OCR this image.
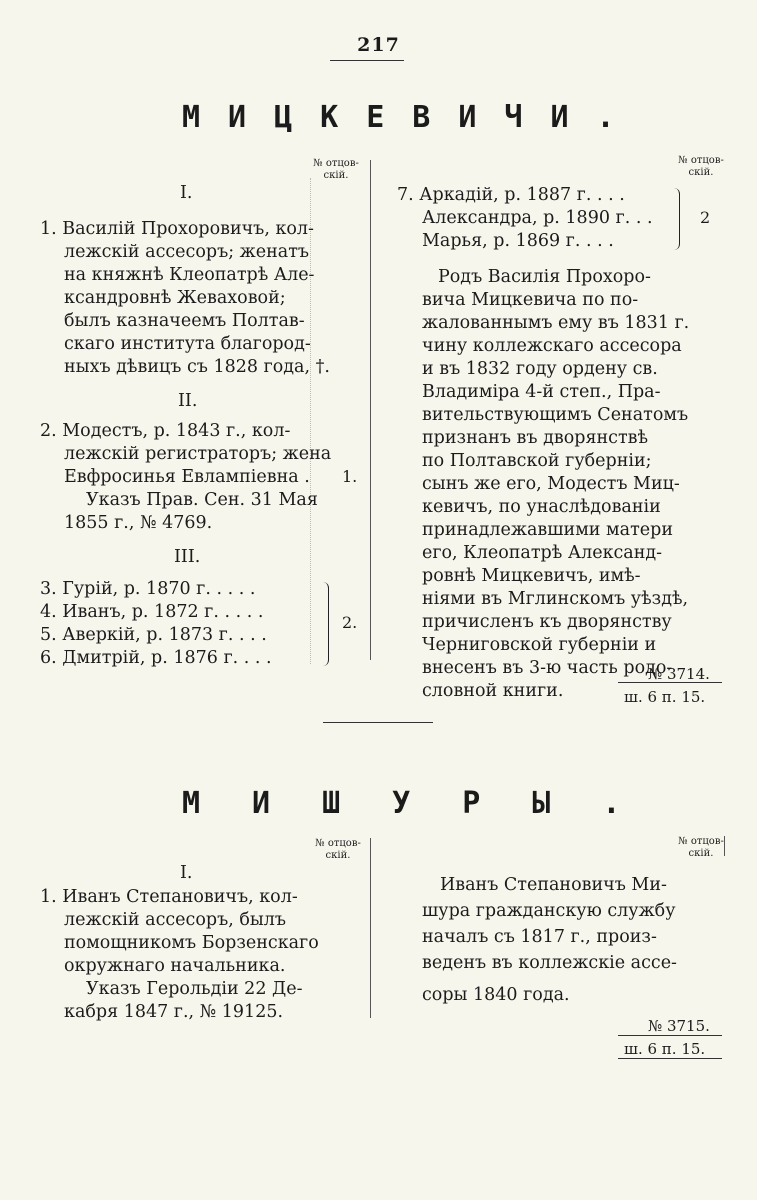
217
МИЦКЕВИЧИ.
№ отцов-
скій.
№ отцов-
скій.
I.
1. Василій Прохоровичъ, кол-
лежскій ассесоръ; женатъ
на княжнѣ Клеопатрѣ Але-
ксандровнѣ Жеваховой;
былъ казначеемъ Полтав-
скаго института благород-
ныхъ дѣвицъ съ 1828 года, †.
II.
2. Модестъ, р. 1843 г., кол-
лежскій регистраторъ; жена
Евфросинья Евлампіевна .
Указъ Прав. Сен. 31 Мая
1855 г., № 4769.
1.
III.
3. Гурій, р. 1870 г. . . . .
4. Иванъ, р. 1872 г. . . . .
5. Аверкій, р. 1873 г. . . .
6. Дмитрій, р. 1876 г. . . .
2.
7. Аркадій, р. 1887 г. . . .
Александра, р. 1890 г. . .
Марья, р. 1869 г. . . .
2
Родъ Василія Прохоро-
вича Мицкевича по по-
жалованнымъ ему въ 1831 г.
чину коллежскаго ассесора
и въ 1832 году ордену св.
Владиміра 4-й степ., Пра-
вительствующимъ Сенатомъ
признанъ въ дворянствѣ
по Полтавской губерніи;
сынъ же его, Модестъ Миц-
кевичъ, по унаслѣдованіи
принадлежавшими матери
его, Клеопатрѣ Александ-
ровнѣ Мицкевичъ, имѣ-
ніями въ Мглинскомъ уѣздѣ,
причисленъ къ дворянству
Черниговской губерніи и
внесенъ въ 3-ю часть родо-
словной книги.
№ 3714.
ш. 6 п. 15.
МИШУРЫ.
№ отцов-
скій.
№ отцов-
скій.
I.
1. Иванъ Степановичъ, кол-
лежскій ассесоръ, былъ
помощникомъ Борзенскаго
окружнаго начальника.
Указъ Герольдіи 22 Де-
кабря 1847 г., № 19125.
Иванъ Степановичъ Ми-
шура гражданскую службу
началъ съ 1817 г., произ-
веденъ въ коллежскіе ассе-
соры 1840 года.
№ 3715.
ш. 6 п. 15.
